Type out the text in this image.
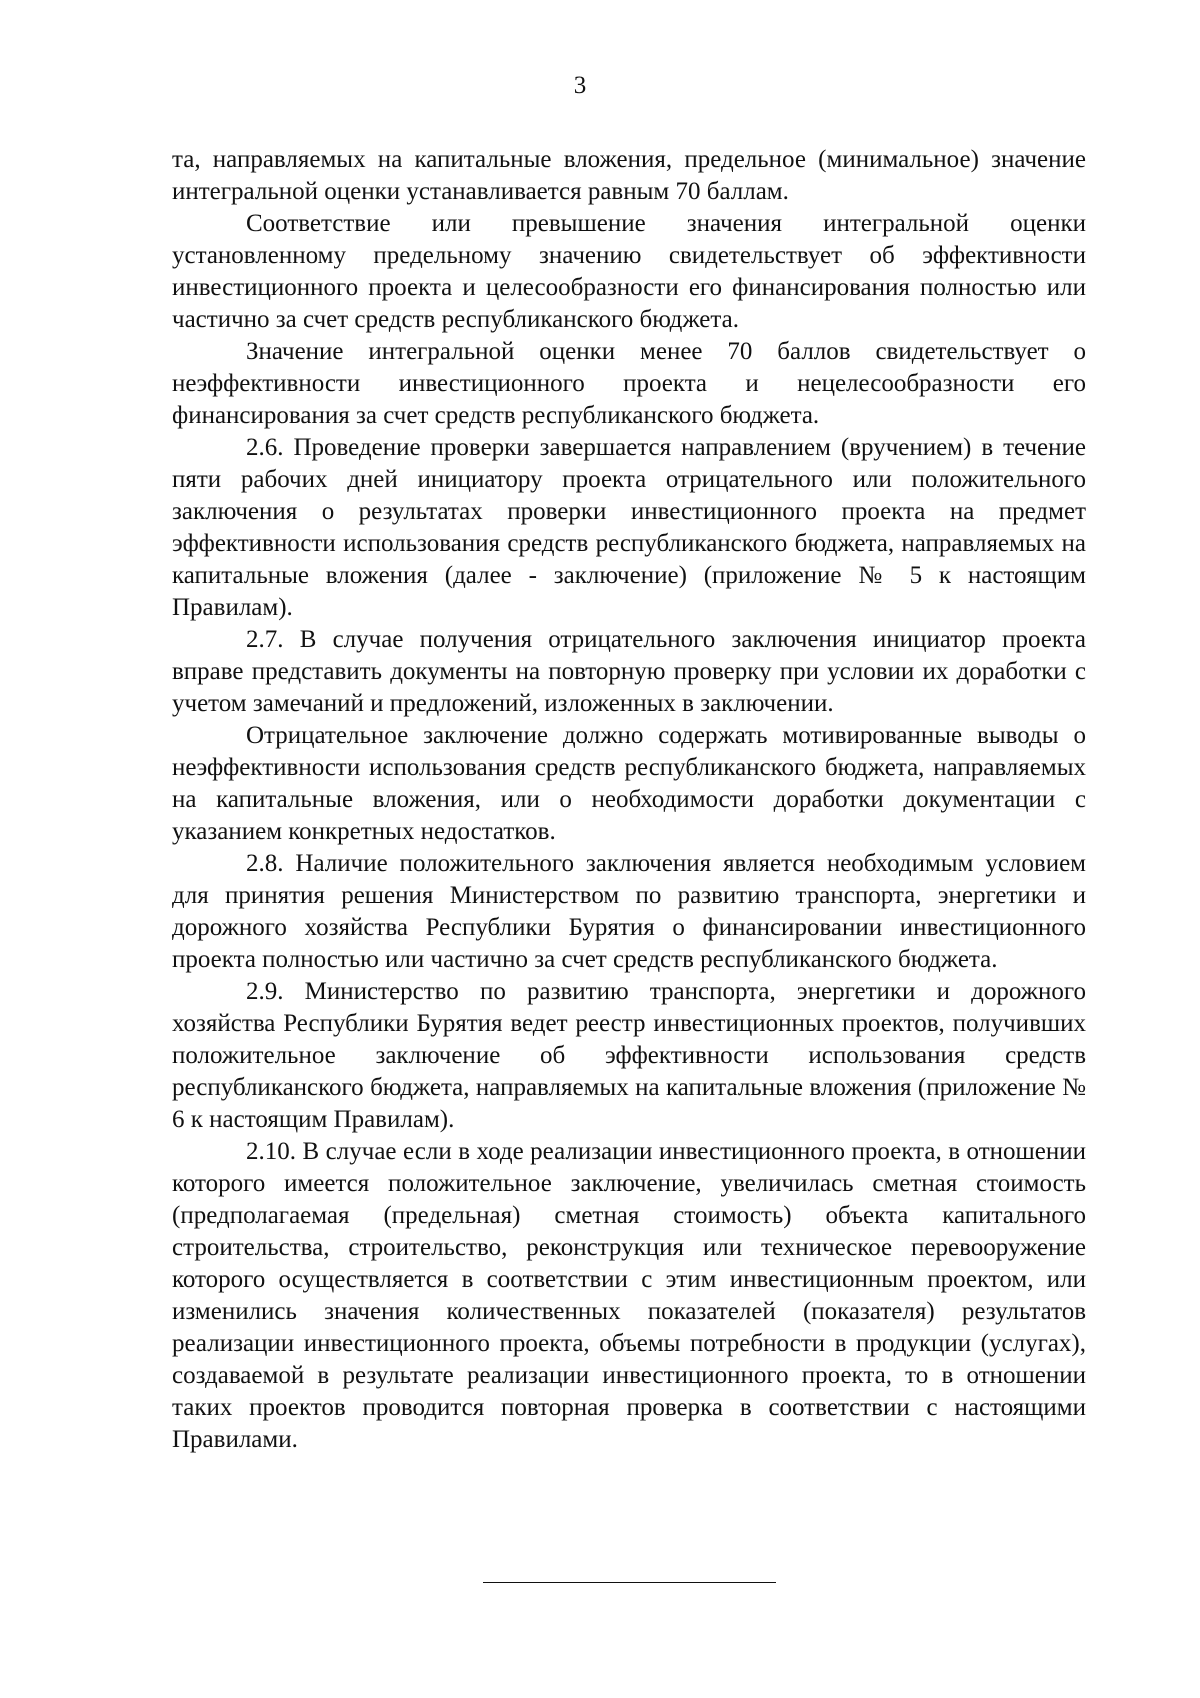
3

та, направляемых на капитальные вложения, предельное (минимальное) значение интегральной оценки устанавливается равным 70 баллам.

Соответствие или превышение значения интегральной оценки установленному предельному значению свидетельствует об эффективности инвестиционного проекта и целесообразности его финансирования полностью или частично за счет средств республиканского бюджета.

Значение интегральной оценки менее 70 баллов свидетельствует о неэффективности инвестиционного проекта и нецелесообразности его финансирования за счет средств республиканского бюджета.

2.6. Проведение проверки завершается направлением (вручением) в течение пяти рабочих дней инициатору проекта отрицательного или положительного заключения о результатах проверки инвестиционного проекта на предмет эффективности использования средств республиканского бюджета, направляемых на капитальные вложения (далее - заключение) (приложение № 5 к настоящим Правилам).

2.7. В случае получения отрицательного заключения инициатор проекта вправе представить документы на повторную проверку при условии их доработки с учетом замечаний и предложений, изложенных в заключении.

Отрицательное заключение должно содержать мотивированные выводы о неэффективности использования средств республиканского бюджета, направляемых на капитальные вложения, или о необходимости доработки документации с указанием конкретных недостатков.

2.8. Наличие положительного заключения является необходимым условием для принятия решения Министерством по развитию транспорта, энергетики и дорожного хозяйства Республики Бурятия о финансировании инвестиционного проекта полностью или частично за счет средств республиканского бюджета.

2.9. Министерство по развитию транспорта, энергетики и дорожного хозяйства Республики Бурятия ведет реестр инвестиционных проектов, получивших положительное заключение об эффективности использования средств республиканского бюджета, направляемых на капитальные вложения (приложение № 6 к настоящим Правилам).

2.10. В случае если в ходе реализации инвестиционного проекта, в отношении которого имеется положительное заключение, увеличилась сметная стоимость (предполагаемая (предельная) сметная стоимость) объекта капитального строительства, строительство, реконструкция или техническое перевооружение которого осуществляется в соответствии с этим инвестиционным проектом, или изменились значения количественных показателей (показателя) результатов реализации инвестиционного проекта, объемы потребности в продукции (услугах), создаваемой в результате реализации инвестиционного проекта, то в отношении таких проектов проводится повторная проверка в соответствии с настоящими Правилами.
